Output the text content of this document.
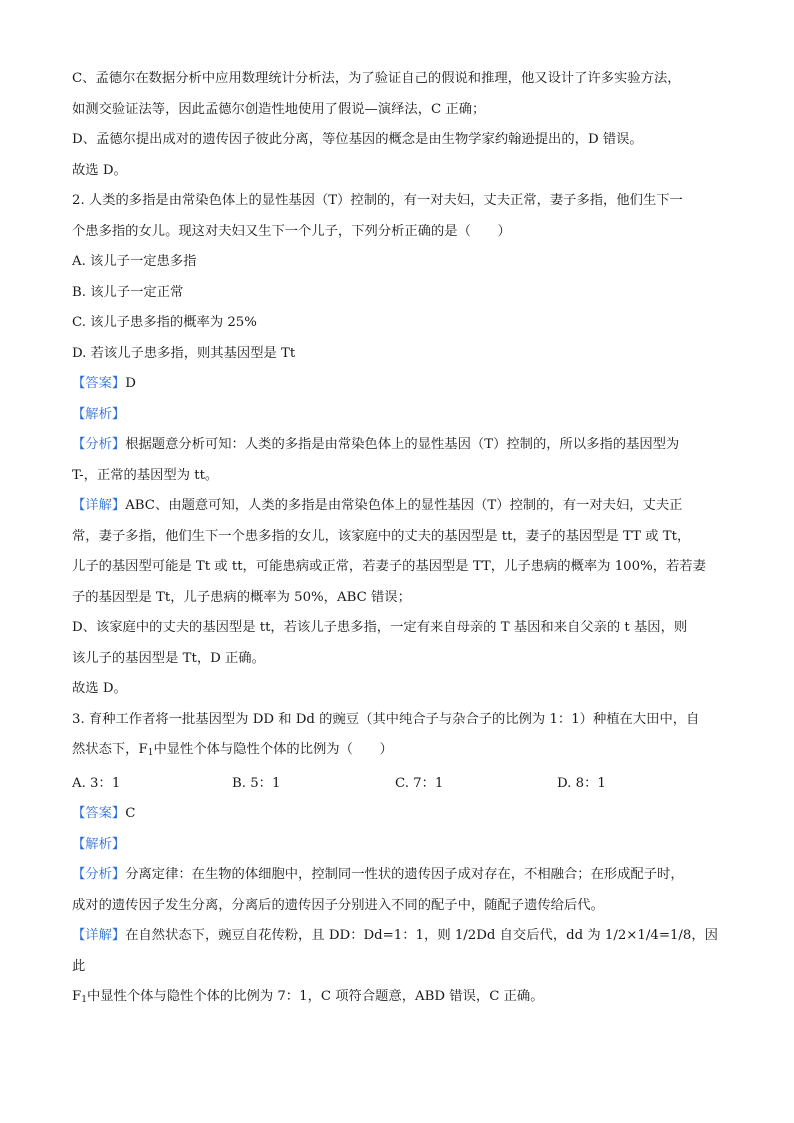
C、孟德尔在数据分析中应用数理统计分析法，为了验证自己的假说和推理，他又设计了许多实验方法，

如测交验证法等，因此孟德尔创造性地使用了假说—演绎法，C 正确；

D、孟德尔提出成对的遗传因子彼此分离，等位基因的概念是由生物学家约翰逊提出的，D 错误。

故选 D。

2. 人类的多指是由常染色体上的显性基因（T）控制的，有一对夫妇，丈夫正常，妻子多指，他们生下一

个患多指的女儿。现这对夫妇又生下一个儿子，下列分析正确的是（　　）

A. 该儿子一定患多指

B. 该儿子一定正常

C. 该儿子患多指的概率为 25%

D. 若该儿子患多指，则其基因型是 Tt

【答案】D

【解析】

【分析】根据题意分析可知：人类的多指是由常染色体上的显性基因（T）控制的，所以多指的基因型为

T-，正常的基因型为 tt。

【详解】ABC、由题意可知，人类的多指是由常染色体上的显性基因（T）控制的，有一对夫妇，丈夫正

常，妻子多指，他们生下一个患多指的女儿，该家庭中的丈夫的基因型是 tt，妻子的基因型是 TT 或 Tt，

儿子的基因型可能是 Tt 或 tt，可能患病或正常，若妻子的基因型是 TT，儿子患病的概率为 100%，若若妻

子的基因型是 Tt，儿子患病的概率为 50%，ABC 错误；

D、该家庭中的丈夫的基因型是 tt，若该儿子患多指，一定有来自母亲的 T 基因和来自父亲的 t 基因，则

该儿子的基因型是 Tt，D 正确。

故选 D。

3. 育种工作者将一批基因型为 DD 和 Dd 的豌豆（其中纯合子与杂合子的比例为 1：1）种植在大田中，自

然状态下，$F_1$中显性个体与隐性个体的比例为（　　）

A. 3：1	B. 5：1	C. 7：1	D. 8：1

【答案】C

【解析】

【分析】分离定律：在生物的体细胞中，控制同一性状的遗传因子成对存在，不相融合；在形成配子时，

成对的遗传因子发生分离，分离后的遗传因子分别进入不同的配子中，随配子遗传给后代。

【详解】在自然状态下，豌豆自花传粉，且 DD：Dd=1：1，则 1/2Dd 自交后代，dd 为 1/2×1/4=1/8，因此

$F_1$中显性个体与隐性个体的比例为 7：1，C 项符合题意，ABD 错误，C 正确。
